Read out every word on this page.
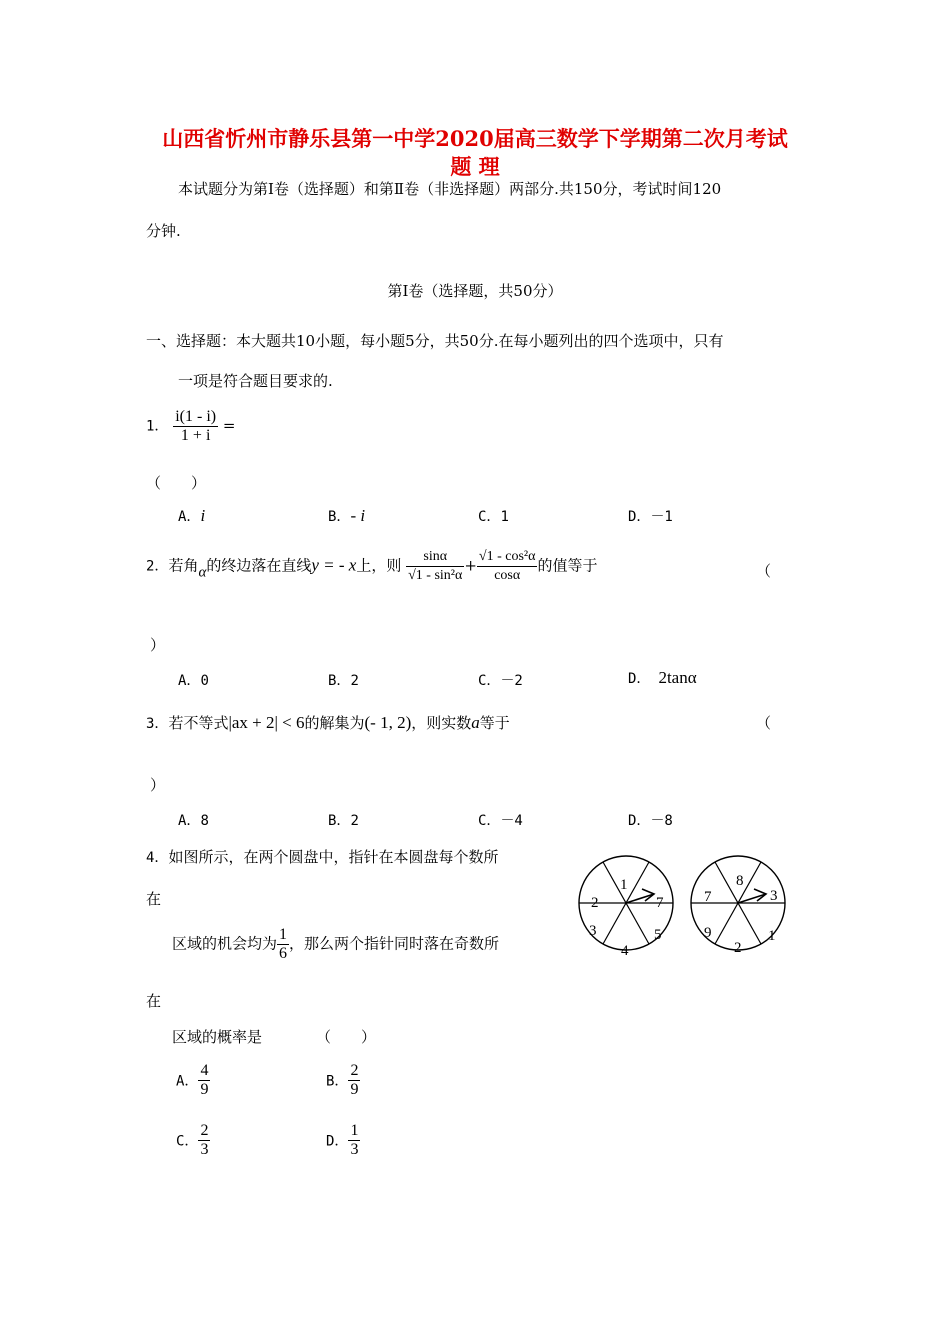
山西省忻州市静乐县第一中学2020届高三数学下学期第二次月考试
题 理
本试题分为第Ⅰ卷（选择题）和第Ⅱ卷（非选择题）两部分.共150分，考试时间120
分钟.
第Ⅰ卷（选择题，共50分）
一、选择题：本大题共10小题，每小题5分，共50分.在每小题列出的四个选项中，只有
一项是符合题目要求的.
1． $\frac{i(1 - i)}{1 + i}$ =
（　　）
A．i	B．- i	C．1	D．－1
2．若角α的终边落在直线y = - x上，则 $\frac{\sin\alpha}{\text{√1 - sin²α}} + \frac{\text{√1 - cos²α}}{\cos\alpha}$ 的值等于	（
）
A．0	B．2	C．－2	D． 2tanα
3．若不等式|ax + 2| < 6的解集为(- 1, 2)，则实数a等于	（
）
A．8	B．2	C．－4	D．－8
4．如图所示，在两个圆盘中，指针在本圆盘每个数所
在
区域的机会均为 $\frac{1}{6}$ ，那么两个指针同时落在奇数所
在
区域的概率是	（　　）
1
7
5
4
3
2
8
3
1
2
9
7
A． $\frac{4}{9}$	B． $\frac{2}{9}$
C． $\frac{2}{3}$	D． $\frac{1}{3}$
